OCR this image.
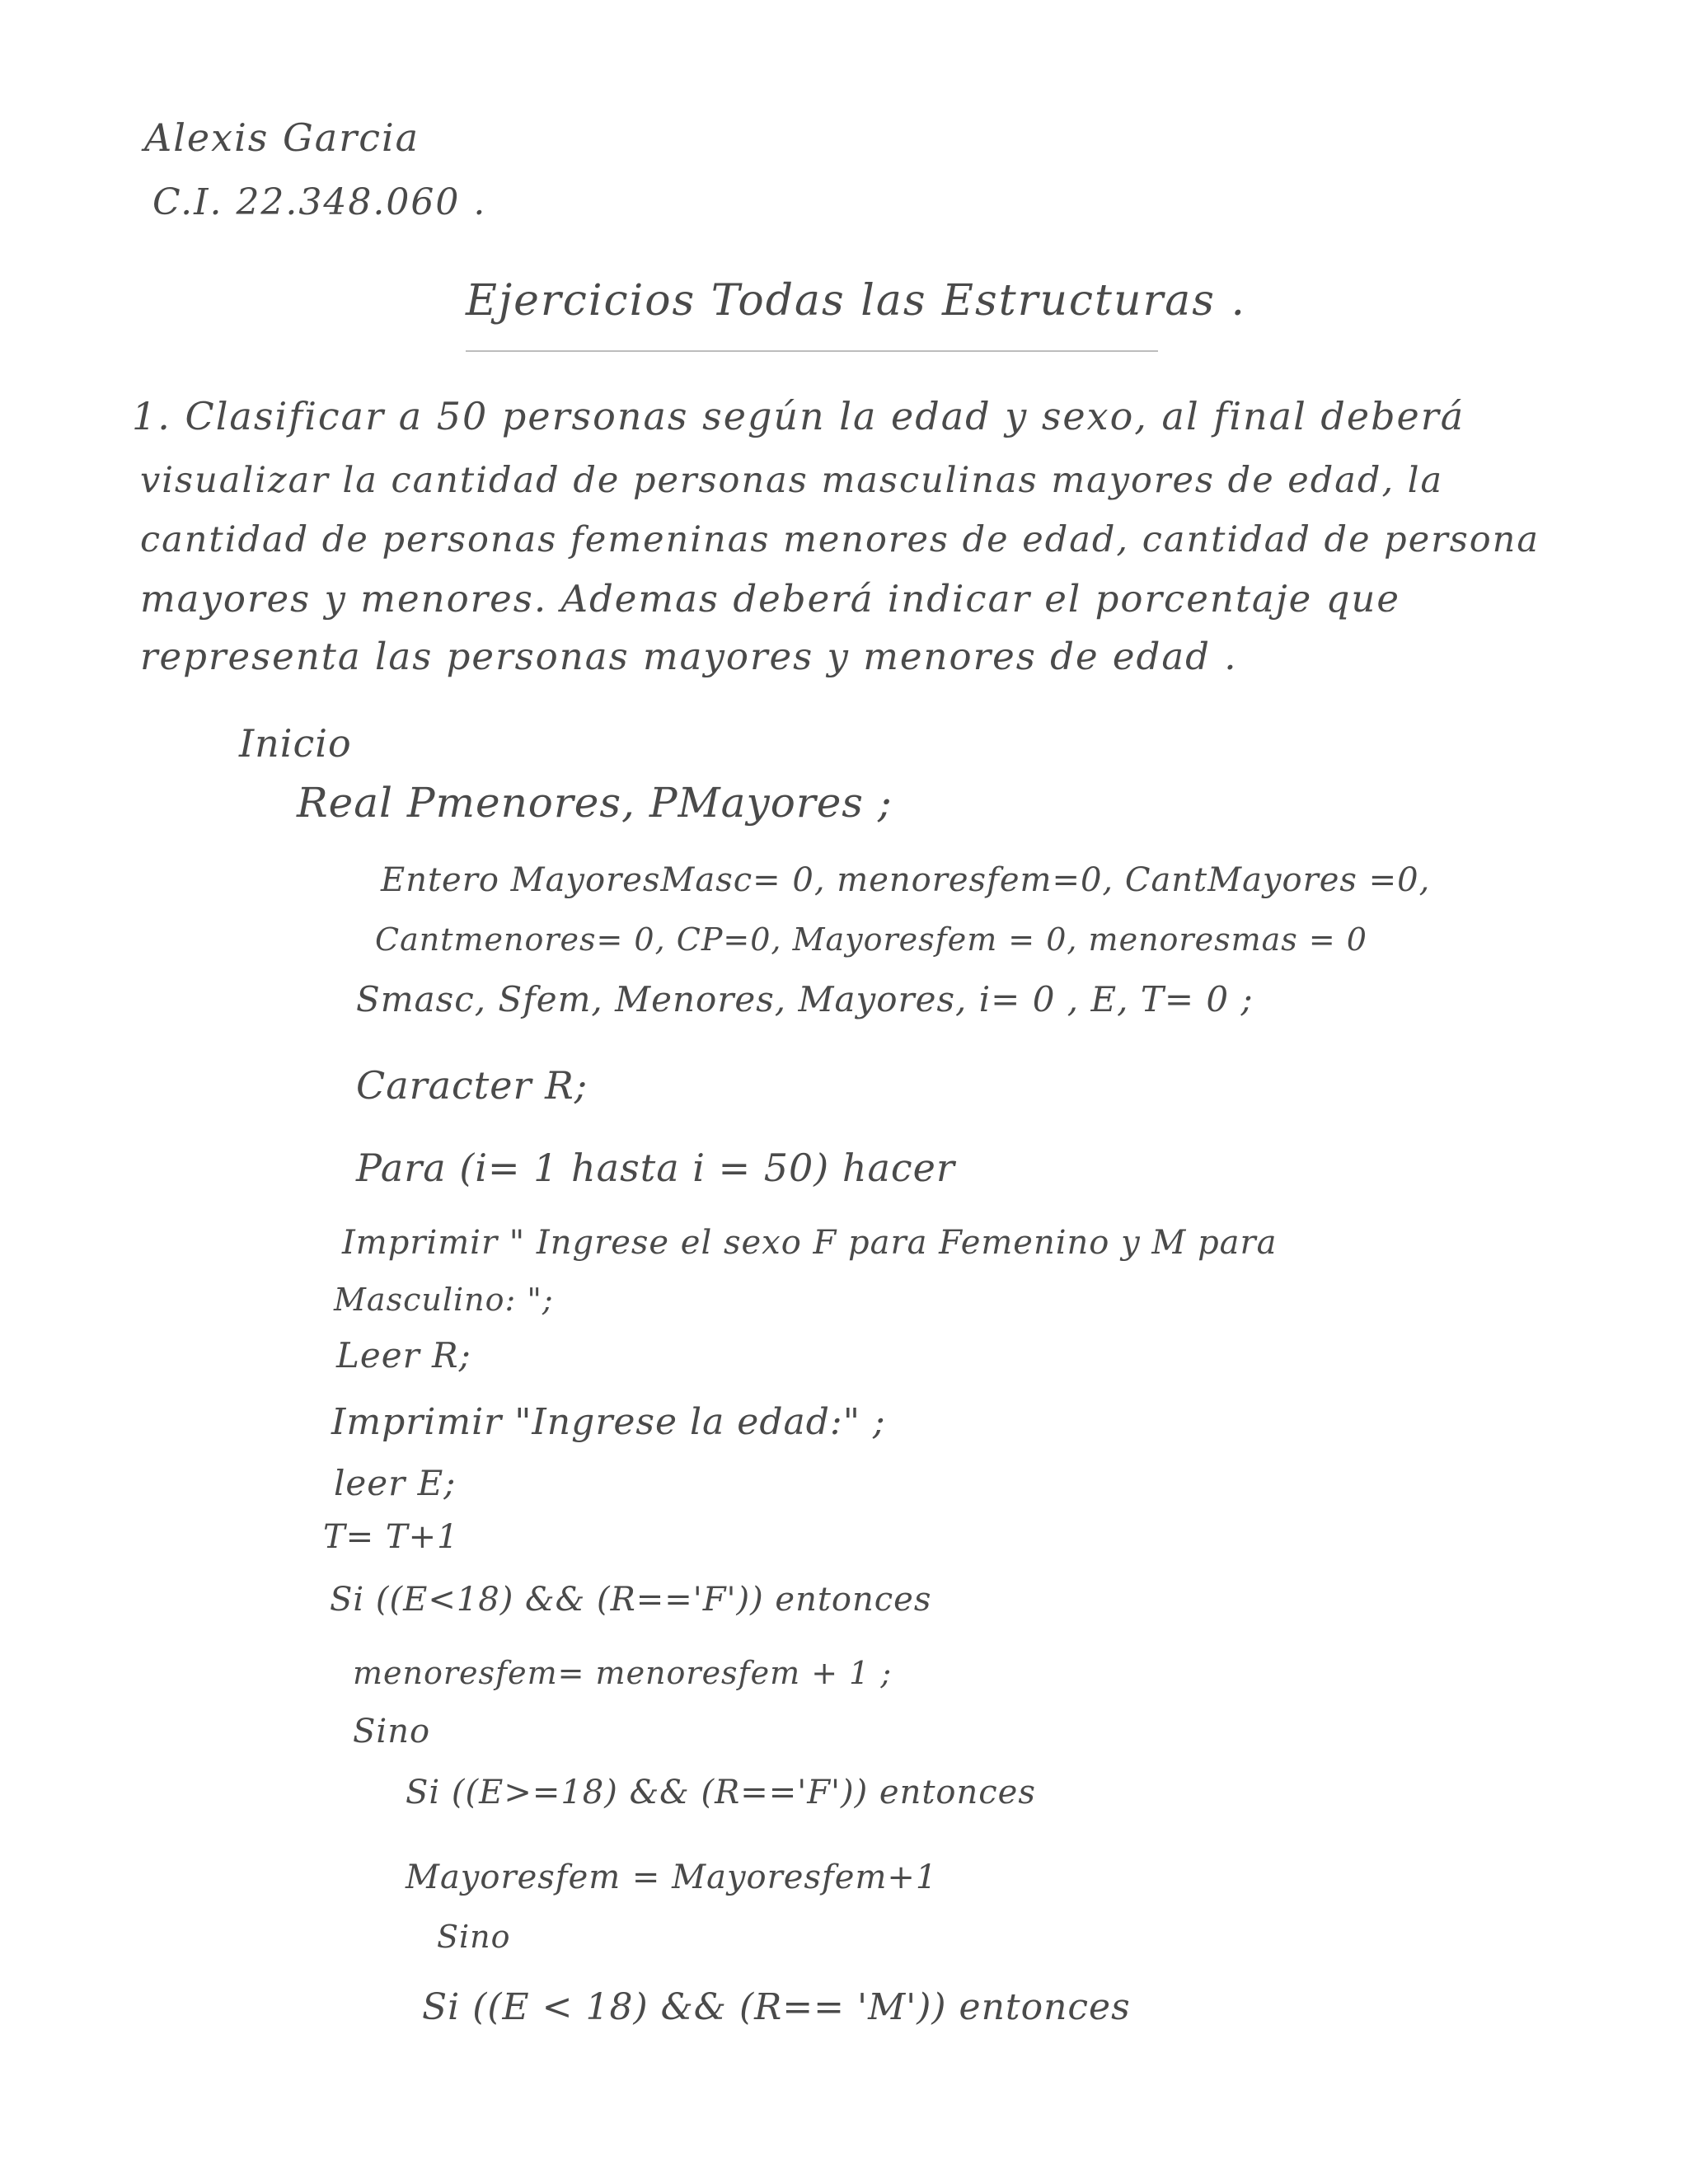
Alexis Garcia
C.I. 22.348.060 .
Ejercicios Todas las Estructuras .
1. Clasificar a 50 personas según la edad y sexo, al final deberá
visualizar la cantidad de personas masculinas mayores de edad, la
cantidad de personas femeninas menores de edad, cantidad de persona
mayores y menores. Ademas deberá indicar el porcentaje que
representa las personas mayores y menores de edad .
Inicio
Real Pmenores, PMayores ;
Entero MayoresMasc= 0, menoresfem=0, CantMayores =0,
Cantmenores= 0, CP=0, Mayoresfem = 0, menoresmas = 0
Smasc, Sfem, Menores, Mayores, i= 0 , E, T= 0 ;
Caracter R;
Para (i= 1 hasta i = 50) hacer
Imprimir " Ingrese el sexo F para Femenino y M para
Masculino: ";
Leer R;
Imprimir "Ingrese la edad:" ;
leer E;
T= T+1
Si ((E<18) && (R=='F')) entonces
menoresfem= menoresfem + 1 ;
Sino
Si ((E>=18) && (R=='F')) entonces
Mayoresfem = Mayoresfem+1
Sino
Si ((E < 18) && (R== 'M')) entonces
